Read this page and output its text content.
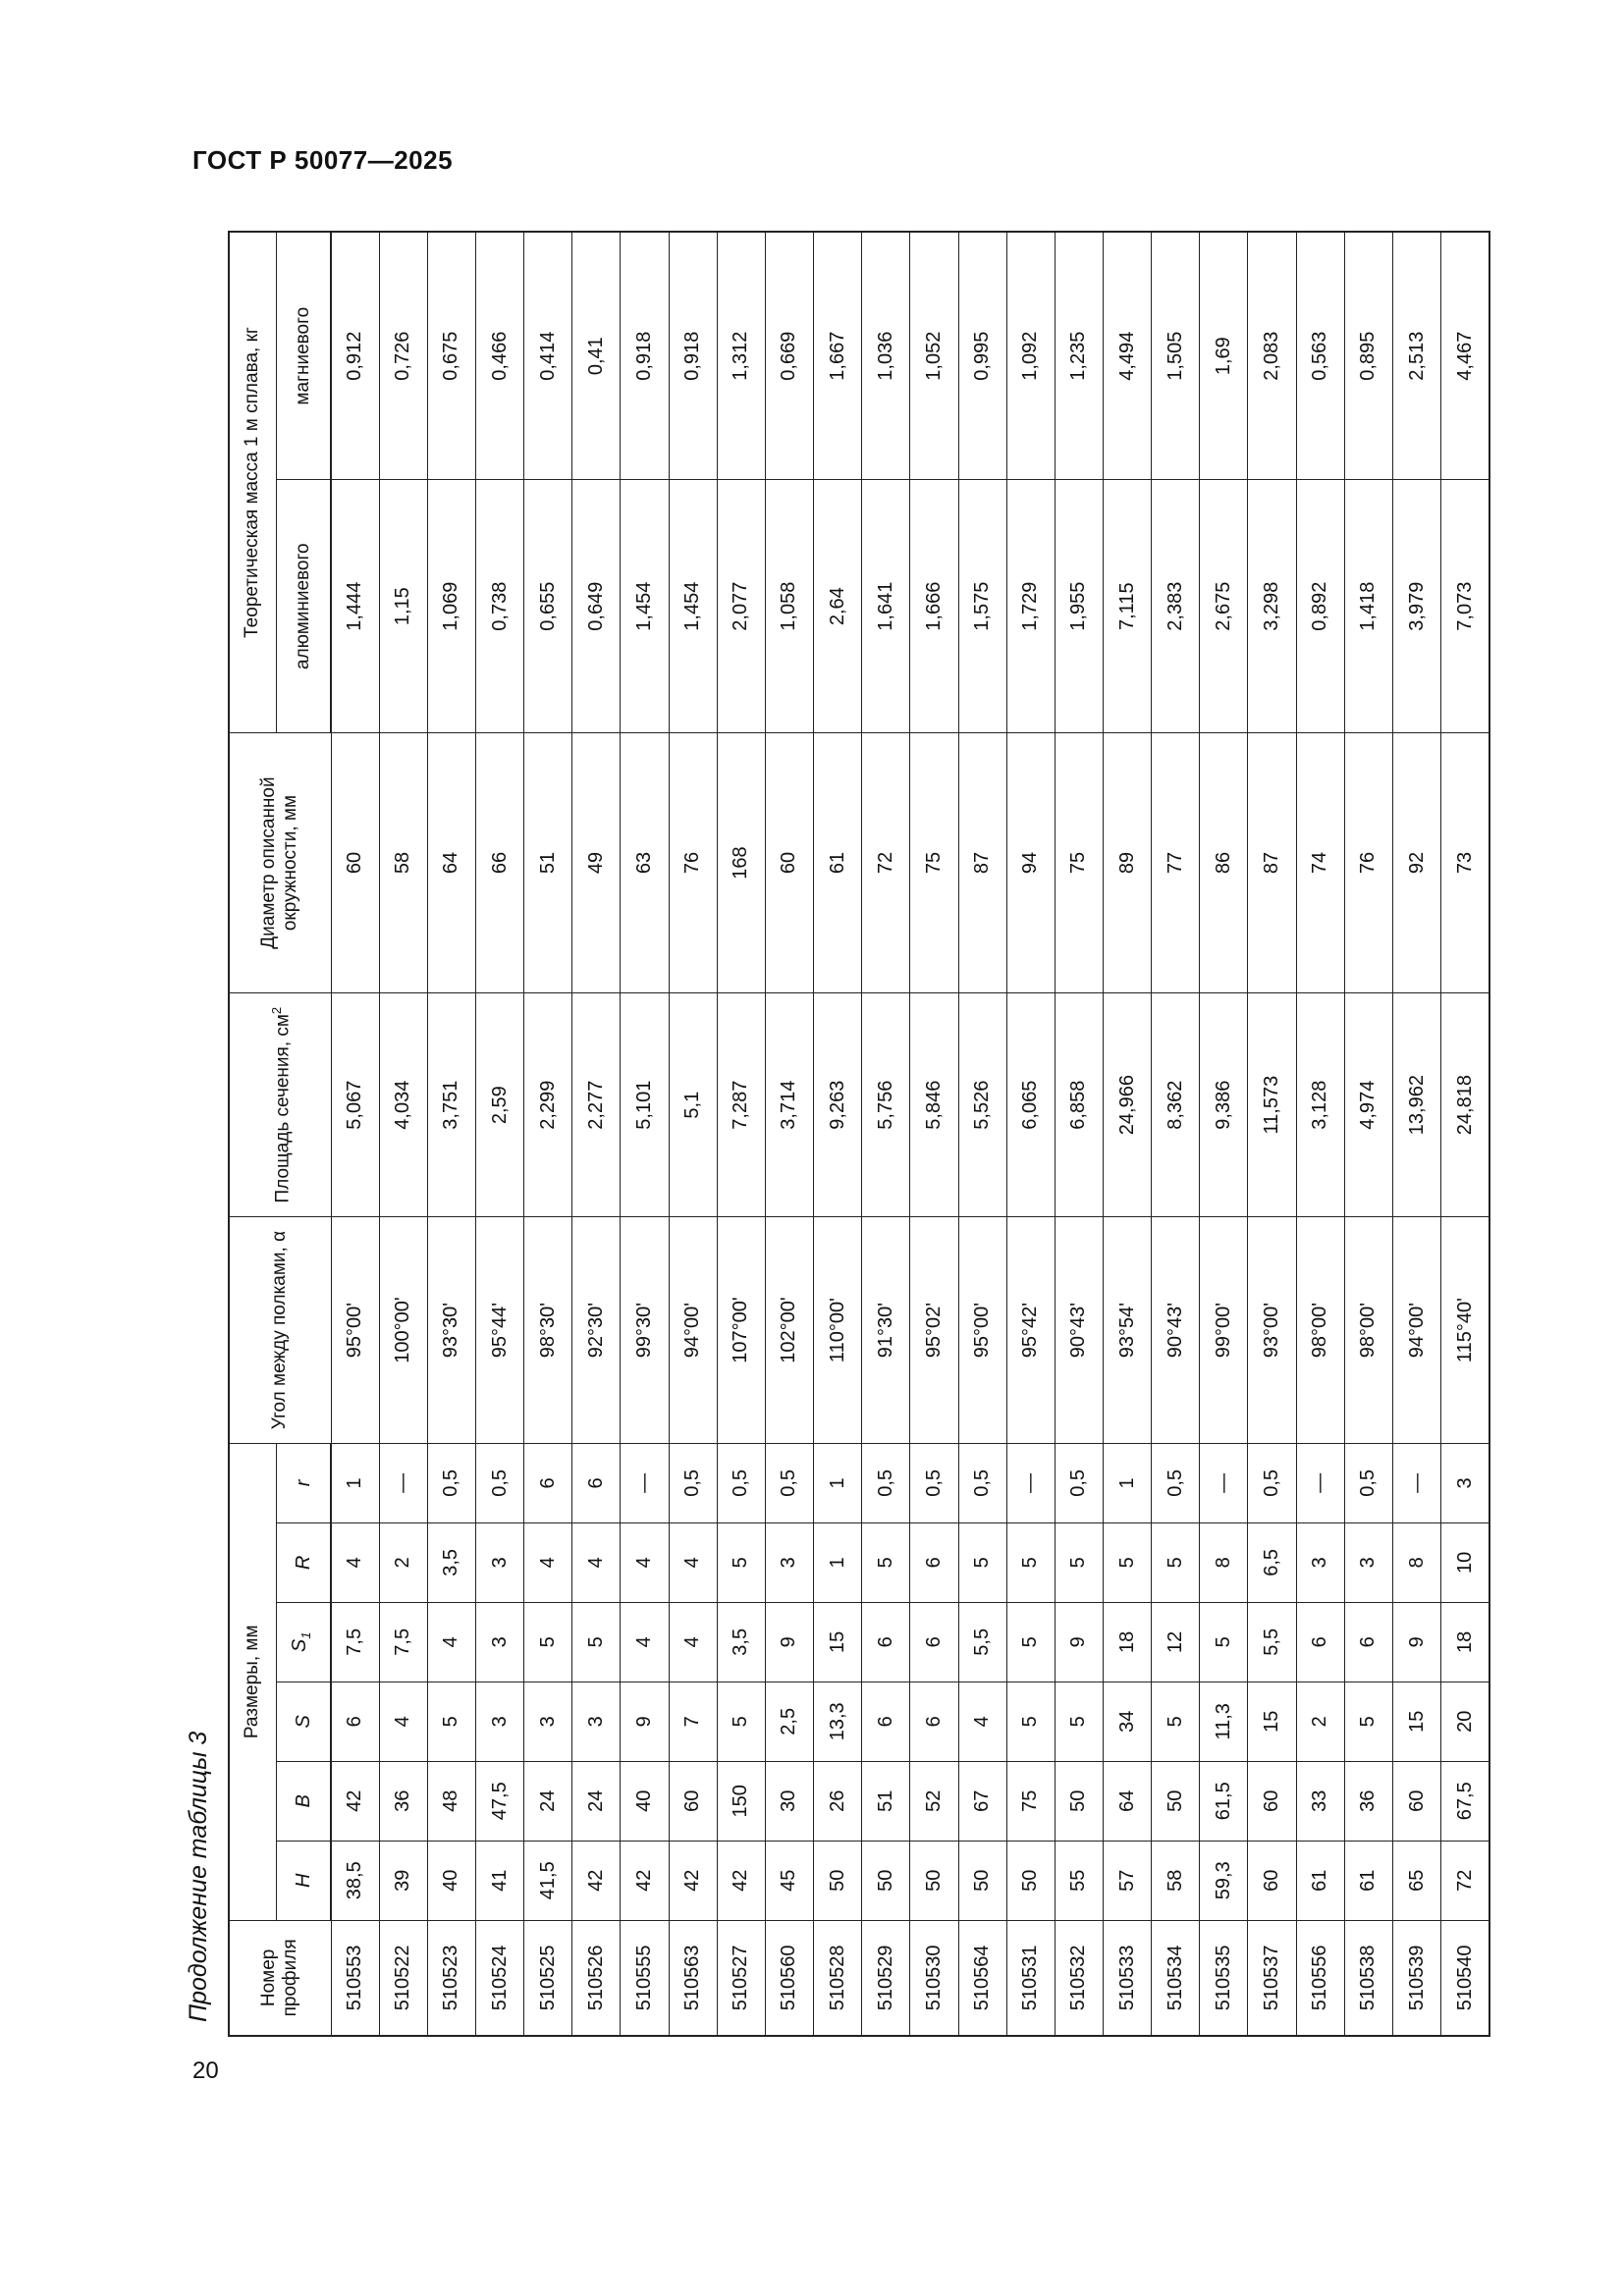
ГОСТ Р 50077—2025
Продолжение таблицы 3
20
Номер профиля	Размеры, мм						Угол между полками, α	Площадь сечения, $см^2$	Диаметр описанной окружности, мм	Теоретическая масса 1 м сплава, кг	
	H	B	S	$S_1$	R	r				алюминиевого	магниевого
510553	38,5	42	6	7,5	4	1	95°00'	5,067	60	1,444	0,912
510522	39	36	4	7,5	2	—	100°00'	4,034	58	1,15	0,726
510523	40	48	5	4	3,5	0,5	93°30'	3,751	64	1,069	0,675
510524	41	47,5	3	3	3	0,5	95°44'	2,59	66	0,738	0,466
510525	41,5	24	3	5	4	6	98°30'	2,299	51	0,655	0,414
510526	42	24	3	5	4	6	92°30'	2,277	49	0,649	0,41
510555	42	40	9	4	4	—	99°30'	5,101	63	1,454	0,918
510563	42	60	7	4	4	0,5	94°00'	5,1	76	1,454	0,918
510527	42	150	5	3,5	5	0,5	107°00'	7,287	168	2,077	1,312
510560	45	30	2,5	9	3	0,5	102°00'	3,714	60	1,058	0,669
510528	50	26	13,3	15	1	1	110°00'	9,263	61	2,64	1,667
510529	50	51	6	6	5	0,5	91°30'	5,756	72	1,641	1,036
510530	50	52	6	6	6	0,5	95°02'	5,846	75	1,666	1,052
510564	50	67	4	5,5	5	0,5	95°00'	5,526	87	1,575	0,995
510531	50	75	5	5	5	—	95°42'	6,065	94	1,729	1,092
510532	55	50	5	9	5	0,5	90°43'	6,858	75	1,955	1,235
510533	57	64	34	18	5	1	93°54'	24,966	89	7,115	4,494
510534	58	50	5	12	5	0,5	90°43'	8,362	77	2,383	1,505
510535	59,3	61,5	11,3	5	8	—	99°00'	9,386	86	2,675	1,69
510537	60	60	15	5,5	6,5	0,5	93°00'	11,573	87	3,298	2,083
510556	61	33	2	6	3	—	98°00'	3,128	74	0,892	0,563
510538	61	36	5	6	3	0,5	98°00'	4,974	76	1,418	0,895
510539	65	60	15	9	8	—	94°00'	13,962	92	3,979	2,513
510540	72	67,5	20	18	10	3	115°40'	24,818	73	7,073	4,467
